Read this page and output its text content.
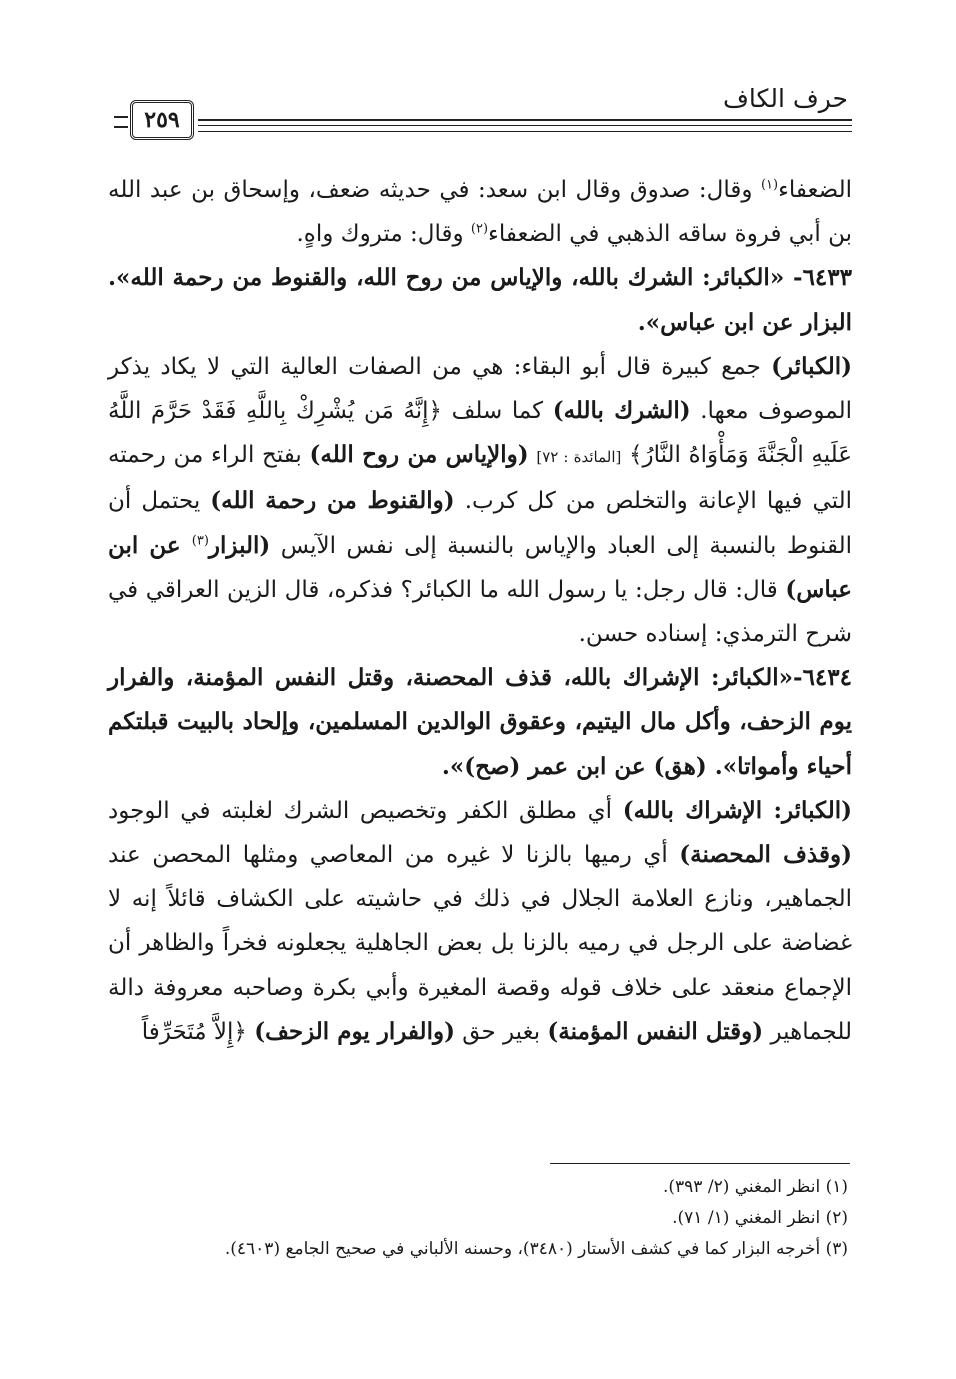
حرف الكاف
٢٥٩

الضعفاء$^{(١)}$ وقال: صدوق وقال ابن سعد: في حديثه ضعف، وإسحاق بن عبد الله بن أبي فروة ساقه الذهبي في الضعفاء$^{(٢)}$ وقال: متروك واهٍ.

٦٤٣٣- «الكبائر: الشرك بالله، والإياس من روح الله، والقنوط من رحمة الله». البزار عن ابن عباس».

(الكبائر) جمع كبيرة قال أبو البقاء: هي من الصفات العالية التي لا يكاد يذكر الموصوف معها. (الشرك بالله) كما سلف ﴿إِنَّهُ مَن يُشْرِكْ بِاللَّهِ فَقَدْ حَرَّمَ اللَّهُ عَلَيهِ الْجَنَّةَ وَمَأْوَاهُ النَّارُ﴾ [المائدة : ٧٢] (والإياس من روح الله) بفتح الراء من رحمته التي فيها الإعانة والتخلص من كل كرب. (والقنوط من رحمة الله) يحتمل أن القنوط بالنسبة إلى العباد والإياس بالنسبة إلى نفس الآيس (البزار$^{(٣)}$ عن ابن عباس) قال: قال رجل: يا رسول الله ما الكبائر؟ فذكره، قال الزين العراقي في شرح الترمذي: إسناده حسن.

٦٤٣٤-«الكبائر: الإشراك بالله، قذف المحصنة، وقتل النفس المؤمنة، والفرار يوم الزحف، وأكل مال اليتيم، وعقوق الوالدين المسلمين، وإلحاد بالبيت قبلتكم أحياء وأمواتا». (هق) عن ابن عمر (صح)».

(الكبائر: الإشراك بالله) أي مطلق الكفر وتخصيص الشرك لغلبته في الوجود (وقذف المحصنة) أي رميها بالزنا لا غيره من المعاصي ومثلها المحصن عند الجماهير، ونازع العلامة الجلال في ذلك في حاشيته على الكشاف قائلاً إنه لا غضاضة على الرجل في رميه بالزنا بل بعض الجاهلية يجعلونه فخراً والظاهر أن الإجماع منعقد على خلاف قوله وقصة المغيرة وأبي بكرة وصاحبه معروفة دالة للجماهير (وقتل النفس المؤمنة) بغير حق (والفرار يوم الزحف) ﴿إِلاَّ مُتَحَرِّفاً

(١) انظر المغني (٢/ ٣٩٣).

(٢) انظر المغني (١/ ٧١).

(٣) أخرجه البزار كما في كشف الأستار (٣٤٨٠)، وحسنه الألباني في صحيح الجامع (٤٦٠٣).
